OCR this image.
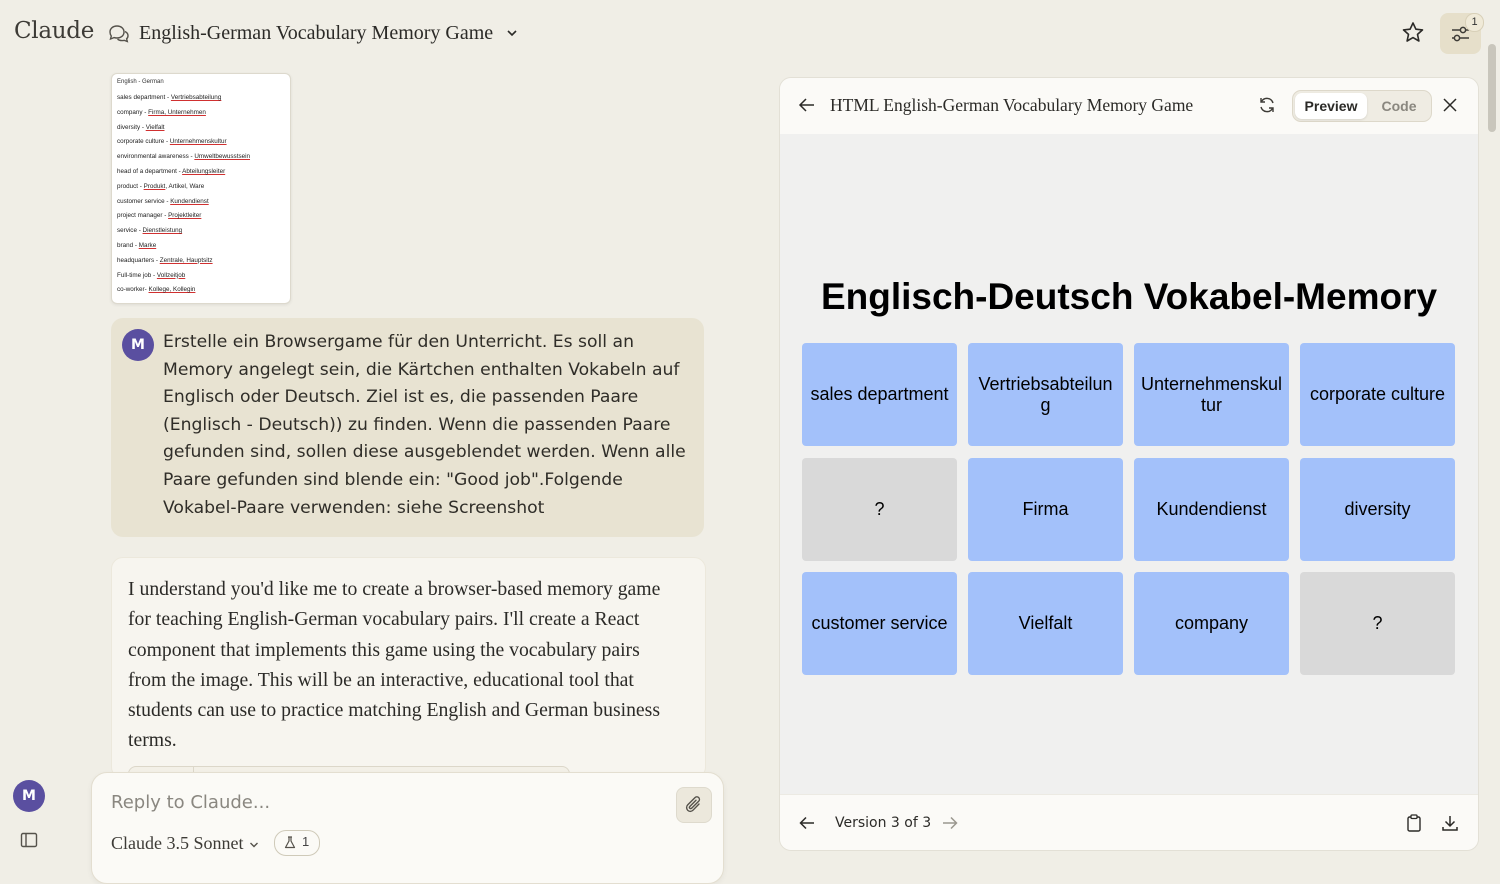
Claude English-German Vocabulary Memory Game	1
English - German
sales department - Vertriebsabteilung
company - Firma, Unternehmen
diversity - Vielfalt
corporate culture - Unternehmenskultur
environmental awareness - Umweltbewusstsein
head of a department - Abteilungsleiter
product - Produkt, Artikel, Ware
customer service - Kundendienst
project manager - Projektleiter
service - Dienstleistung
brand - Marke
headquarters - Zentrale, Hauptsitz
Full-time job - Vollzeitjob
co-worker- Kollege, Kollegin
M	Erstelle ein Browsergame für den Unterricht. Es soll an Memory angelegt sein, die Kärtchen enthalten Vokabeln auf Englisch oder Deutsch. Ziel ist es, die passenden Paare (Englisch - Deutsch)) zu finden. Wenn die passenden Paare gefunden sind, sollen diese ausgeblendet werden. Wenn alle Paare gefunden sind blende ein: "Good job".Folgende Vokabel-Paare verwenden: siehe Screenshot
I understand you'd like me to create a browser-based memory game for teaching English-German vocabulary pairs. I'll create a React component that implements this game using the vocabulary pairs from the image. This will be an interactive, educational tool that students can use to practice matching English and German business terms.
Reply to Claude...
Claude 3.5 Sonnet	1
M
HTML English-German Vocabulary Memory Game	Preview	Code
Englisch-Deutsch Vokabel-Memory
sales department
Vertriebsabteilung
Unternehmenskultur
corporate culture
?	Firma	Kundendienst	diversity
customer service	Vielfalt	company	?
Version 3 of 3
